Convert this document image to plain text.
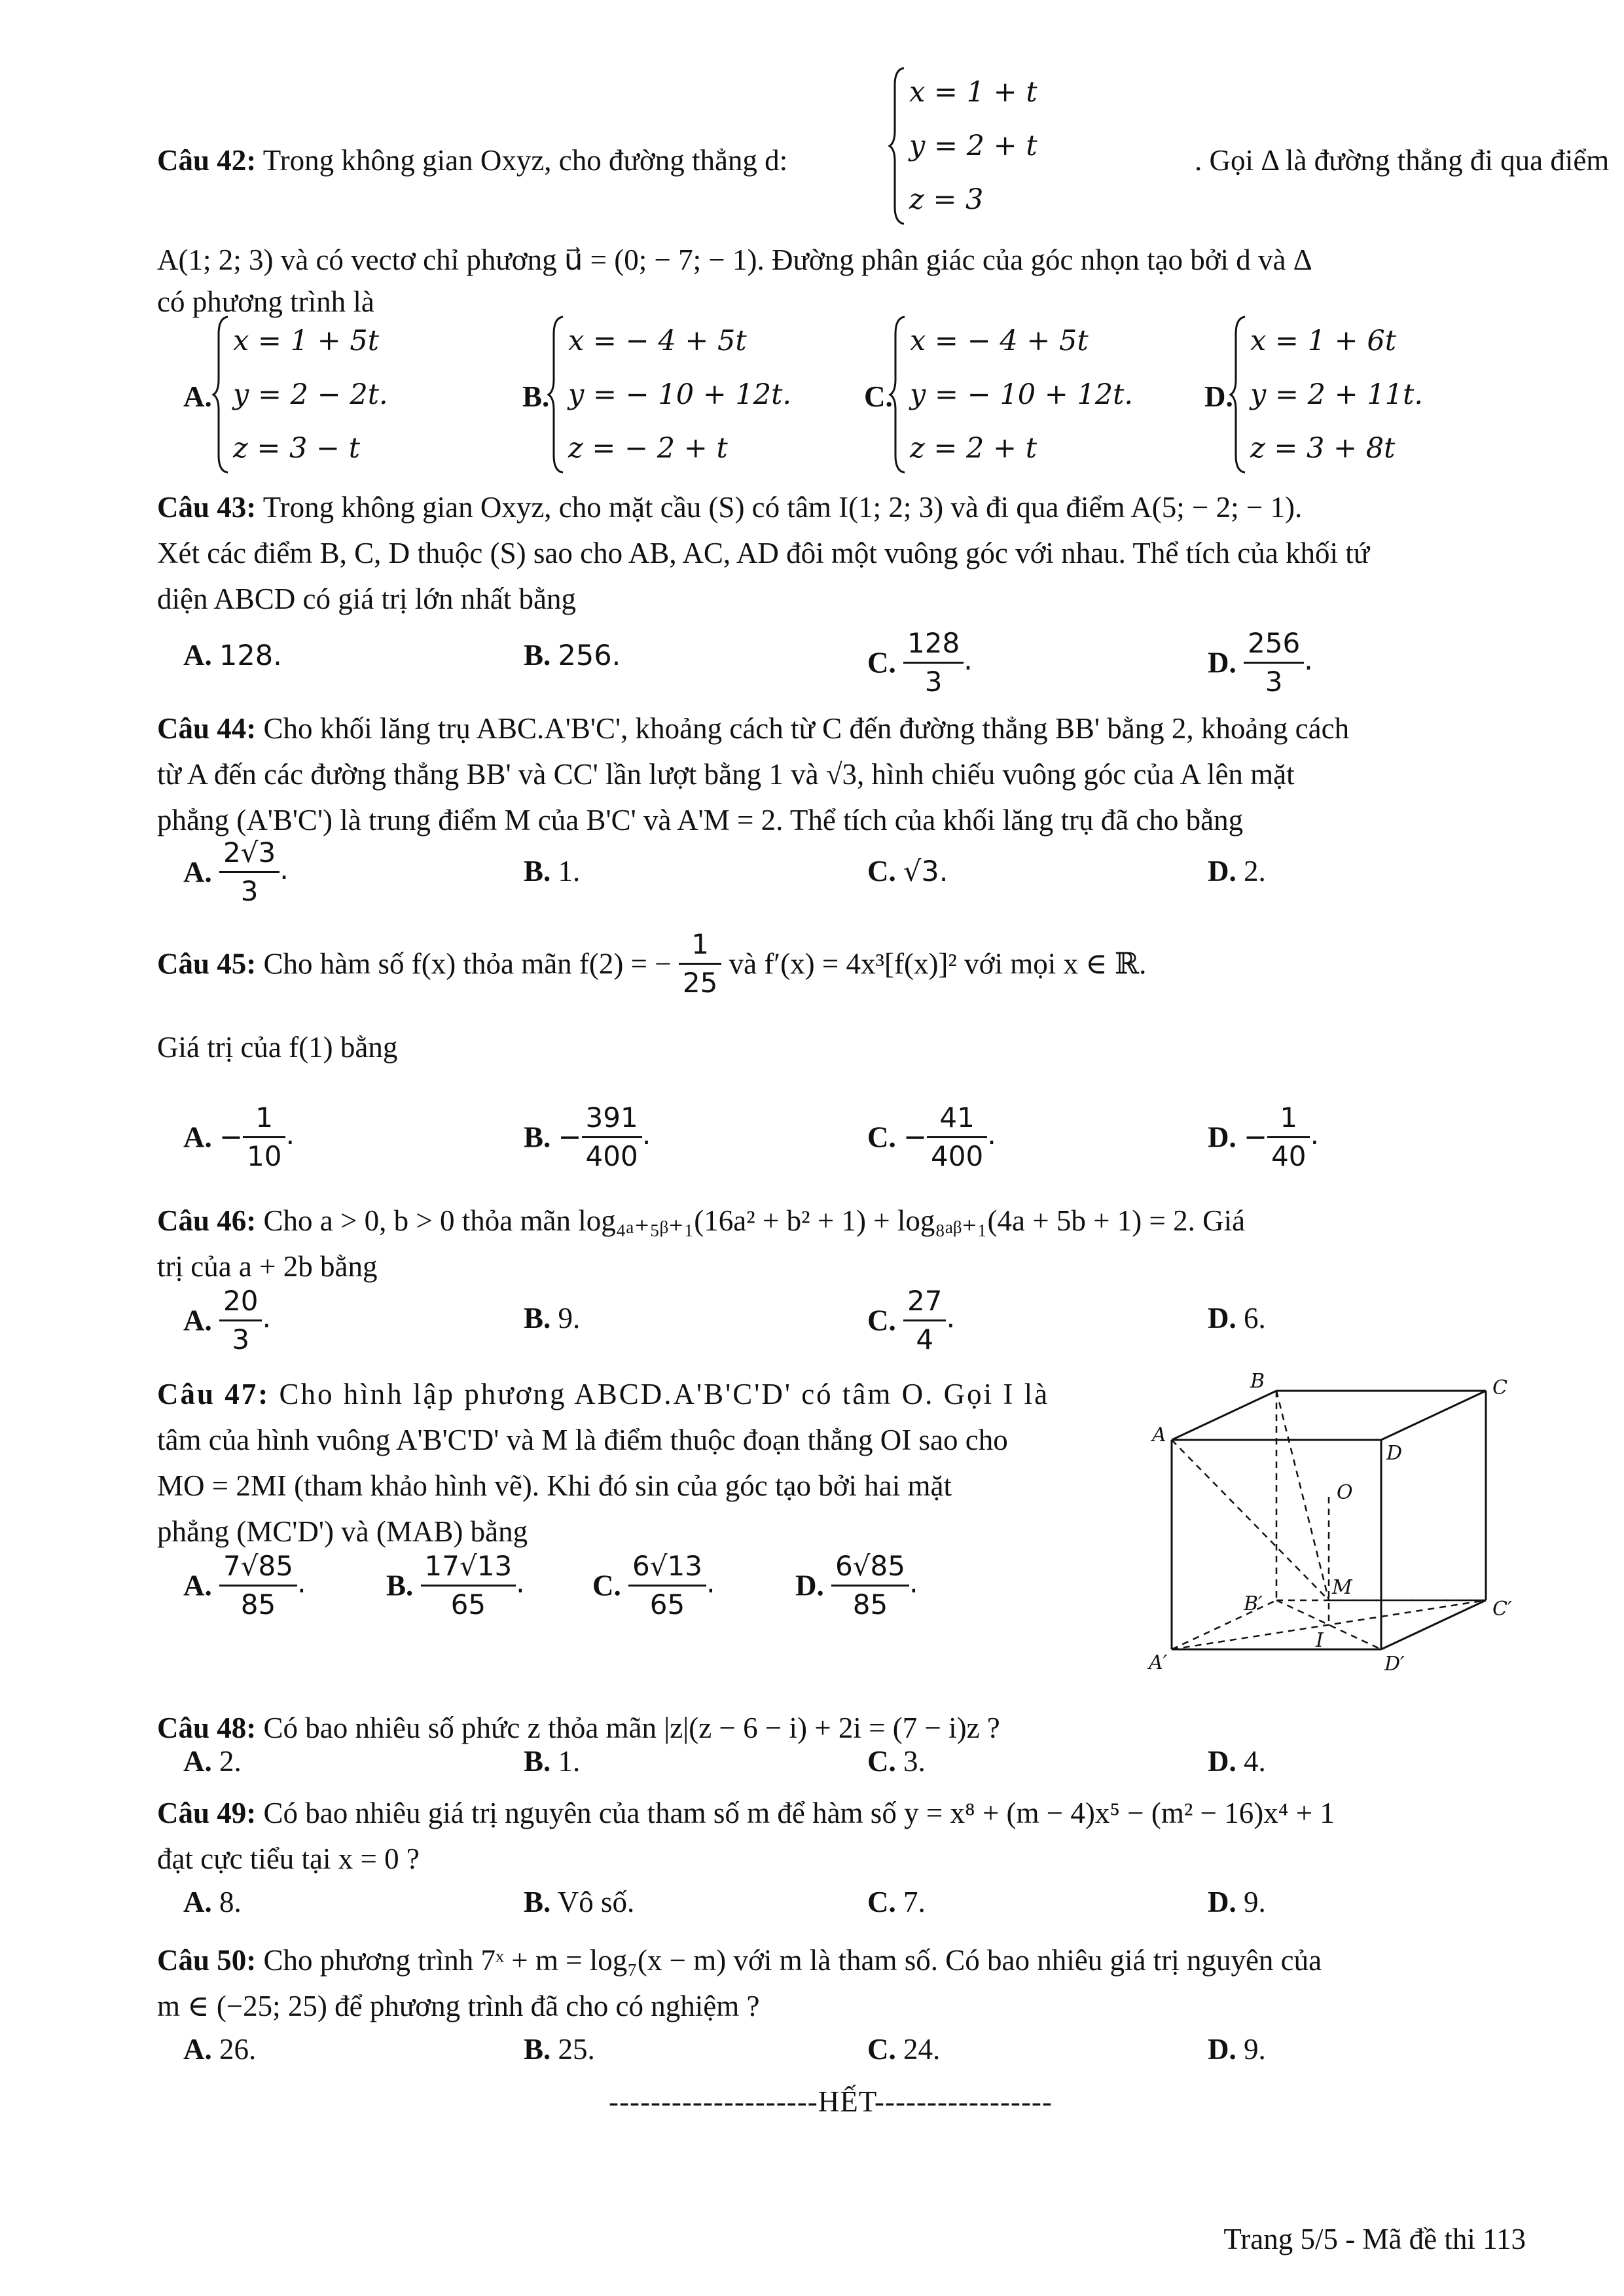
Câu 42: Trong không gian Oxyz, cho đường thẳng d:
x = 1 + t
y = 2 + t
z = 3
. Gọi Δ là đường thẳng đi qua điểm
A(1; 2; 3) và có vectơ chỉ phương u⃗ = (0; − 7; − 1). Đường phân giác của góc nhọn tạo bởi d và Δ
có phương trình là
A.
x = 1 + 5t
y = 2 − 2t.
z = 3 − t
B.
x = − 4 + 5t
y = − 10 + 12t.
z = − 2 + t
C.
x = − 4 + 5t
y = − 10 + 12t.
z = 2 + t
D.
x = 1 + 6t
y = 2 + 11t.
z = 3 + 8t
Câu 43: Trong không gian Oxyz, cho mặt cầu (S) có tâm I(1; 2; 3) và đi qua điểm A(5; − 2; − 1).
Xét các điểm B, C, D thuộc (S) sao cho AB, AC, AD đôi một vuông góc với nhau. Thể tích của khối tứ
diện ABCD có giá trị lớn nhất bằng
A. 128.	B. 256.	C. $\frac{128}{3}$ .	D. $\frac{256}{3}$ .
Câu 44: Cho khối lăng trụ ABC.A'B'C', khoảng cách từ C đến đường thẳng BB' bằng 2, khoảng cách
từ A đến các đường thẳng BB' và CC' lần lượt bằng 1 và √3, hình chiếu vuông góc của A lên mặt
phẳng (A'B'C') là trung điểm M của B'C' và A'M = 2. Thể tích của khối lăng trụ đã cho bằng
A. $\frac{2√3}{3}$ .	B. 1.	C. √3.	D. 2.
Câu 45: Cho hàm số f(x) thỏa mãn f(2) = − $\frac{1}{25}$ và f′(x) = 4x³[f(x)]² với mọi x ∈ ℝ.
Giá trị của f(1) bằng
A. − $\frac{1}{10}$ .	B. − $\frac{391}{400}$ .	C. − $\frac{41}{400}$ .	D. − $\frac{1}{40}$ .
Câu 46: Cho a > 0, b > 0 thỏa mãn log₄ₐ₊₅ᵦ₊₁(16a² + b² + 1) + log₈ₐᵦ₊₁(4a + 5b + 1) = 2. Giá
trị của a + 2b bằng
A. $\frac{20}{3}$ .	B. 9.	C. $\frac{27}{4}$ .	D. 6.
Câu 47: Cho hình lập phương ABCD.A'B'C'D' có tâm O. Gọi I là
tâm của hình vuông A'B'C'D' và M là điểm thuộc đoạn thẳng OI sao cho
MO = 2MI (tham khảo hình vẽ). Khi đó sin của góc tạo bởi hai mặt
phẳng (MC'D') và (MAB) bằng
A. $\frac{7√85}{85}$ .	B. $\frac{17√13}{65}$ . C. $\frac{6√13}{65}$ .	D. $\frac{6√85}{85}$ .
B	C
A
D
O
M
B′	C′
A′	D′
I
Câu 48: Có bao nhiêu số phức z thỏa mãn |z|(z − 6 − i) + 2i = (7 − i)z ?
A. 2.	B. 1.	C. 3.	D. 4.
Câu 49: Có bao nhiêu giá trị nguyên của tham số m để hàm số y = x⁸ + (m − 4)x⁵ − (m² − 16)x⁴ + 1
đạt cực tiểu tại x = 0 ?
A. 8.	B. Vô số.	C. 7.	D. 9.
Câu 50: Cho phương trình 7ˣ + m = log₇(x − m) với m là tham số. Có bao nhiêu giá trị nguyên của
m ∈ (−25; 25) để phương trình đã cho có nghiệm ?
A. 26.	B. 25.	C. 24.	D. 9.
--------------------HẾT-----------------
Trang 5/5 - Mã đề thi 113
